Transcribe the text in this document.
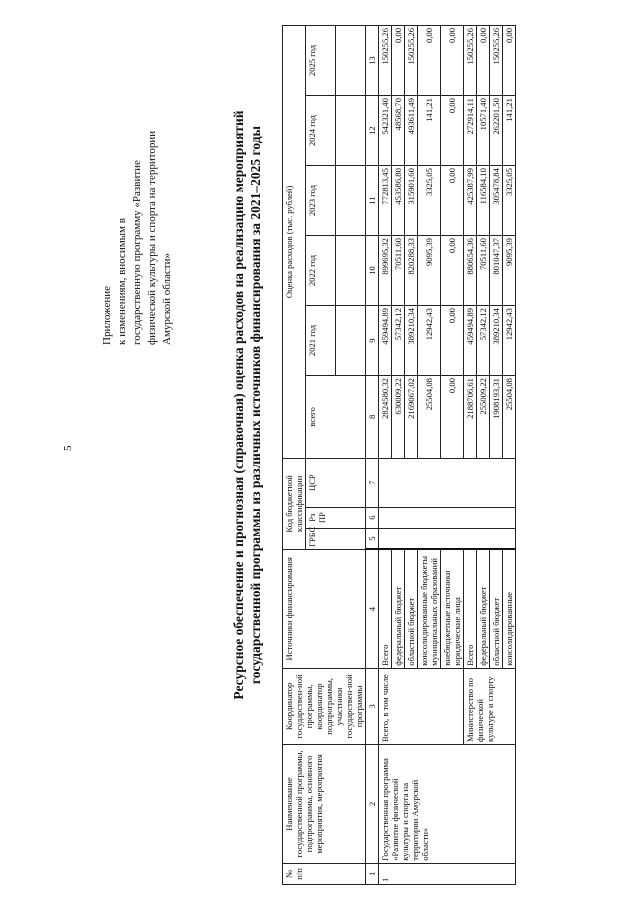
5
Приложение к изменениям, вносимым в государственную программу «Развитие физической культуры и спорта на территории Амурской области»	Ресурсное обеспечение и прогнозная (справочная) оценка расходов на реализацию мероприятий государственной программы из различных источников финансирования за 2021–2025 годы
№ п/п	Наименование государственной программы, подпрограммы, основного мероприятия, мероприятия	Координатор государствен-ной программы, координатор подпрограммы, участники государствен-ной программы	Источники финансирования	Код бюджетной классификации			Оценка расходов (тыс. рублей)					
				ГРБС	Рз ПР	ЦСР	всего	2021 год	2022 год	2023 год	2024 год	2025 год

1	2	3	4	5	6	7	8	9	10	11	12	13
1	Государственная программа «Развитие физической культуры и спорта на территории Амурской области»	Всего, в том числе	Всего				2824580,32	459494,89	899695,32	772813,45	542321,40	150255,26
			федеральный бюджет				630009,22	57342,12	70511,60	453586,80	48568,70	0,00
			областной бюджет				2169067,02	389210,34	820288,33	315901,60	493611,49	150255,26
			консолидированные бюджеты муниципальных образований				25504,08	12942,43	9095,39	3325,05	141,21	0,00
			внебюджетные источники юридические лица				0,00	0,00	0,00	0,00	0,00	0,00
		Министерство по физической культуре и спорту	Всего				2188706,61	459494,89	880654,36	425387,99	272914,11	150255,26
			федеральный бюджет				255009,22	57342,12	70511,60	116584,10	10571,40	0,00
			областной бюджет				1908193,31	389210,34	801047,37	305478,84	262201,50	150255,26
			консолидированные				25504,08	12942,43	9095,39	3325,05	141,21	0,00
